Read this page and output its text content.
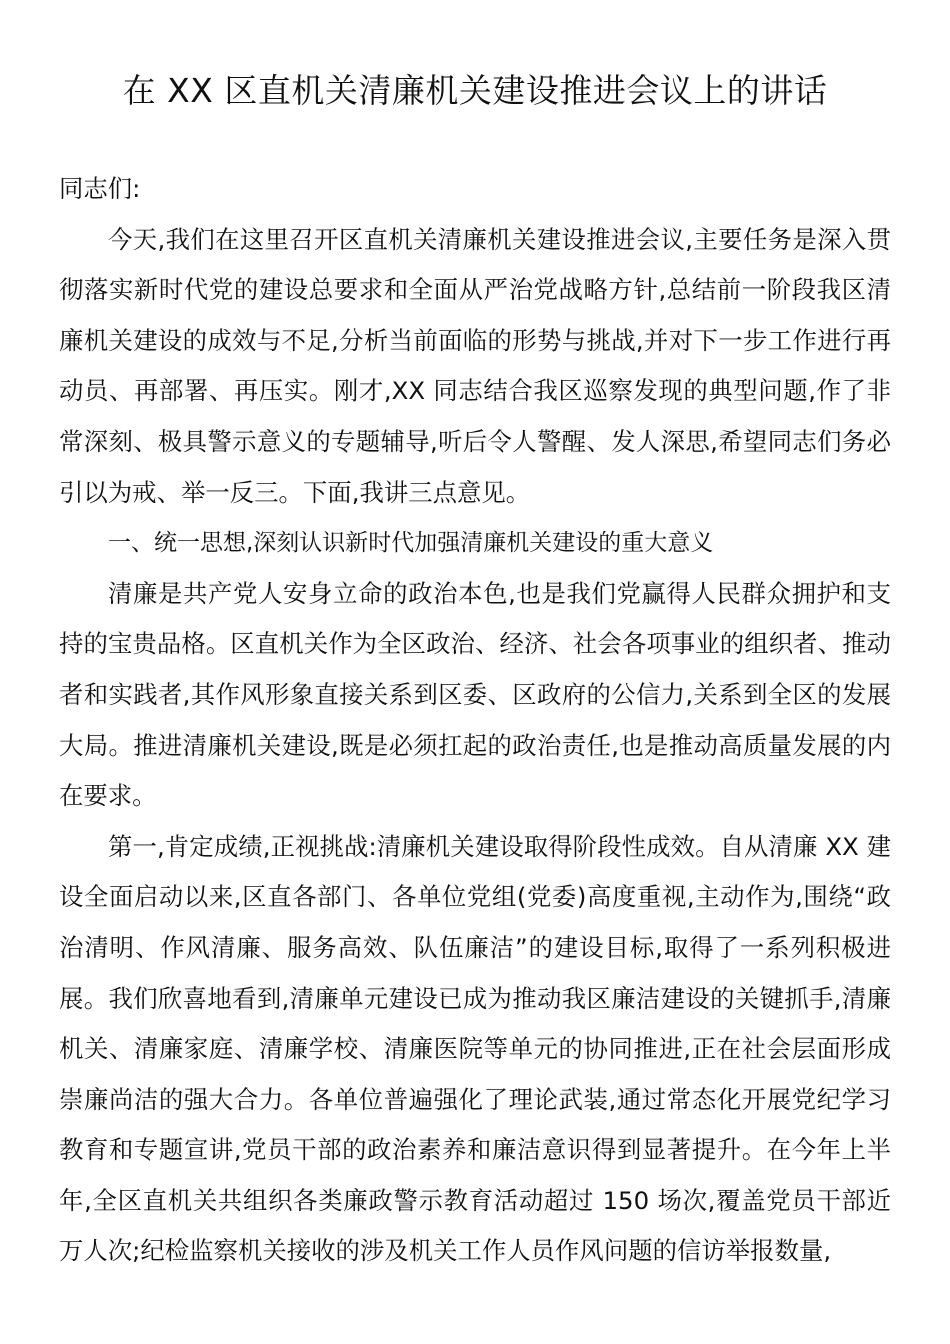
在 XX 区直机关清廉机关建设推进会议上的讲话

同志们:

今天,我们在这里召开区直机关清廉机关建设推进会议,主要任务是深入贯彻落实新时代党的建设总要求和全面从严治党战略方针,总结前一阶段我区清廉机关建设的成效与不足,分析当前面临的形势与挑战,并对下一步工作进行再动员、再部署、再压实。刚才,XX 同志结合我区巡察发现的典型问题,作了非常深刻、极具警示意义的专题辅导,听后令人警醒、发人深思,希望同志们务必引以为戒、举一反三。下面,我讲三点意见。

一、统一思想,深刻认识新时代加强清廉机关建设的重大意义

清廉是共产党人安身立命的政治本色,也是我们党赢得人民群众拥护和支持的宝贵品格。区直机关作为全区政治、经济、社会各项事业的组织者、推动者和实践者,其作风形象直接关系到区委、区政府的公信力,关系到全区的发展大局。推进清廉机关建设,既是必须扛起的政治责任,也是推动高质量发展的内在要求。

第一,肯定成绩,正视挑战:清廉机关建设取得阶段性成效。自从清廉 XX 建设全面启动以来,区直各部门、各单位党组(党委)高度重视,主动作为,围绕“政治清明、作风清廉、服务高效、队伍廉洁”的建设目标,取得了一系列积极进展。我们欣喜地看到,清廉单元建设已成为推动我区廉洁建设的关键抓手,清廉机关、清廉家庭、清廉学校、清廉医院等单元的协同推进,正在社会层面形成崇廉尚洁的强大合力。各单位普遍强化了理论武装,通过常态化开展党纪学习教育和专题宣讲,党员干部的政治素养和廉洁意识得到显著提升。在今年上半年,全区直机关共组织各类廉政警示教育活动超过 150 场次,覆盖党员干部近万人次;纪检监察机关接收的涉及机关工作人员作风问题的信访举报数量,
